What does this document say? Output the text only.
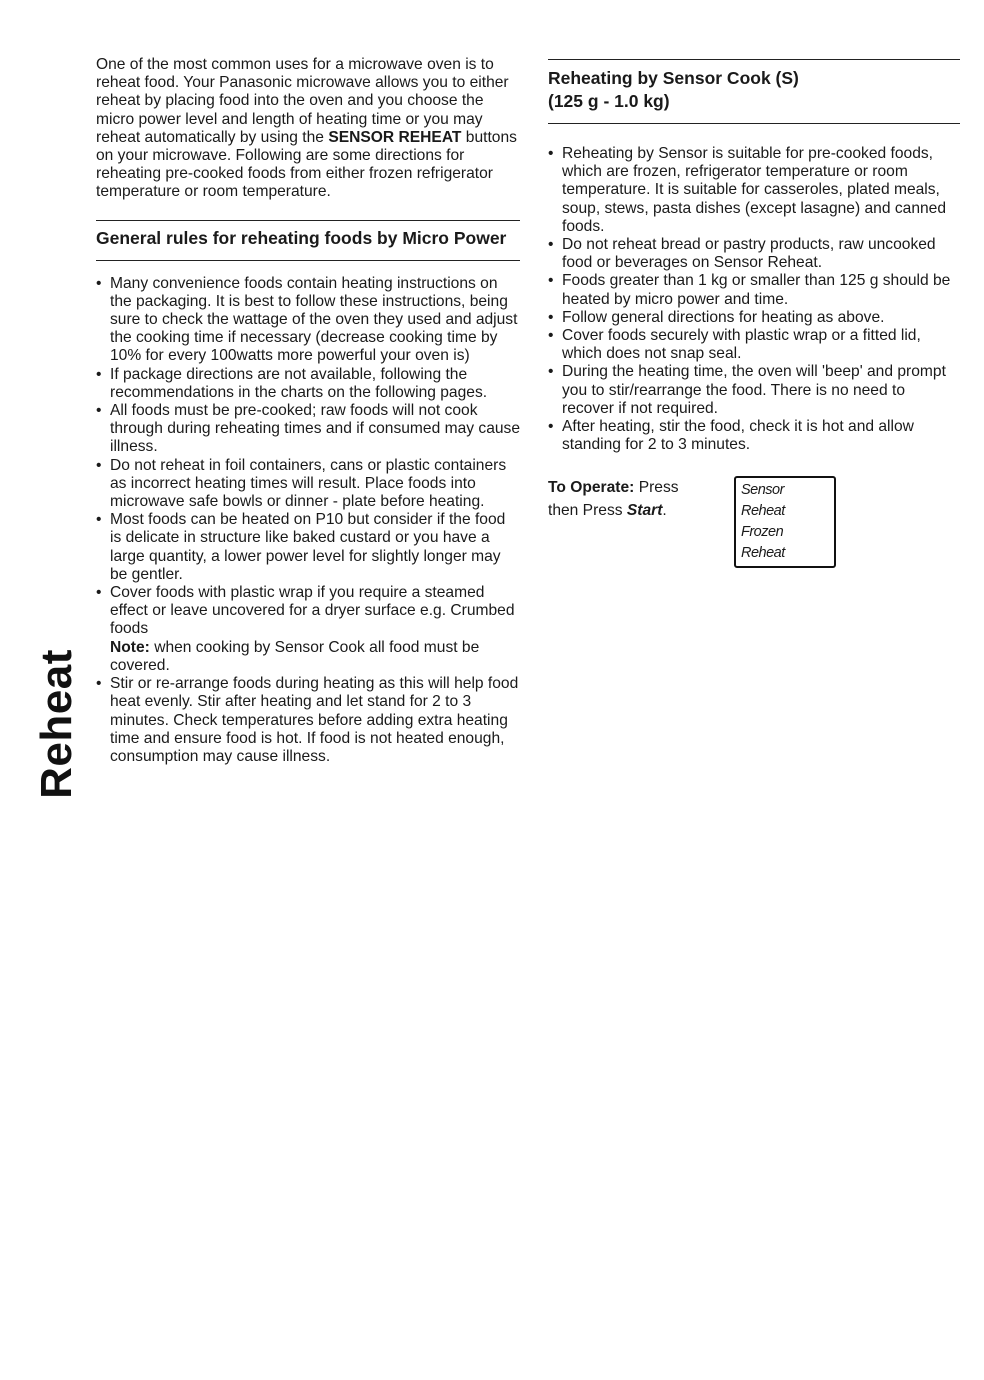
Reheat

One of the most common uses for a microwave oven is to reheat food. Your Panasonic microwave allows you to either reheat by placing food into the oven and you choose the micro power level and length of heating time or you may reheat automatically by using the SENSOR REHEAT buttons on your microwave. Following are some directions for reheating pre-cooked foods from either frozen refrigerator temperature or room temperature.

General rules for reheating foods by Micro Power
• Many convenience foods contain heating instructions on the packaging. It is best to follow these instructions, being sure to check the wattage of the oven they used and adjust the cooking time if necessary (decrease cooking time by 10% for every 100watts more powerful your oven is)
• If package directions are not available, following the recommendations in the charts on the following pages.
• All foods must be pre-cooked; raw foods will not cook through during reheating times and if consumed may cause illness.
• Do not reheat in foil containers, cans or plastic containers as incorrect heating times will result. Place foods into microwave safe bowls or dinner - plate before heating.
• Most foods can be heated on P10 but consider if the food is delicate in structure like baked custard or you have a large quantity, a lower power level for slightly longer may be gentler.
• Cover foods with plastic wrap if you require a steamed effect or leave uncovered for a dryer surface e.g. Crumbed foods
Note: when cooking by Sensor Cook all food must be covered.
• Stir or re-arrange foods during heating as this will help food heat evenly. Stir after heating and let stand for 2 to 3 minutes. Check temperatures before adding extra heating time and ensure food is hot. If food is not heated enough, consumption may cause illness.
Reheating by Sensor Cook (S)
(125 g - 1.0 kg)
• Reheating by Sensor is suitable for pre-cooked foods, which are frozen, refrigerator temperature or room temperature. It is suitable for casseroles, plated meals, soup, stews, pasta dishes (except lasagne) and canned foods.
• Do not reheat bread or pastry products, raw uncooked food or beverages on Sensor Reheat.
• Foods greater than 1 kg or smaller than 125 g should be heated by micro power and time.
• Follow general directions for heating as above.
• Cover foods securely with plastic wrap or a fitted lid, which does not snap seal.
• During the heating time, the oven will 'beep' and prompt you to stir/rearrange the food. There is no need to recover if not required.
• After heating, stir the food, check it is hot and allow standing for 2 to 3 minutes.
To Operate: Press
then Press Start.
Sensor Reheat
Frozen Reheat
